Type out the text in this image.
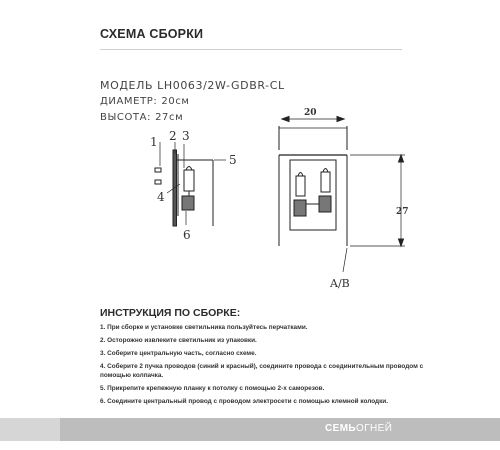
СХЕМА СБОРКИ
МОДЕЛЬ LH0063/2W-GDBR-CL
ДИАМЕТР: 20см
ВЫСОТА: 27см
1 2 3
4
5
6
20
27
A/B
ИНСТРУКЦИЯ ПО СБОРКЕ:
1. При сборке и установке светильника пользуйтесь перчатками.
2. Осторожно извлеките светильник из упаковки.
3. Соберите центральную часть, согласно схеме.
4. Соберите 2 пучка проводов (синий и красный), соедините провода с соединительным проводом с помощью колпачка.
5. Прикрепите крепежную планку к потолку с помощью 2-х саморезов.
6. Соедините центральный провод с проводом электросети с помощью клемной колодки.
СЕМЬОГНЕЙ
